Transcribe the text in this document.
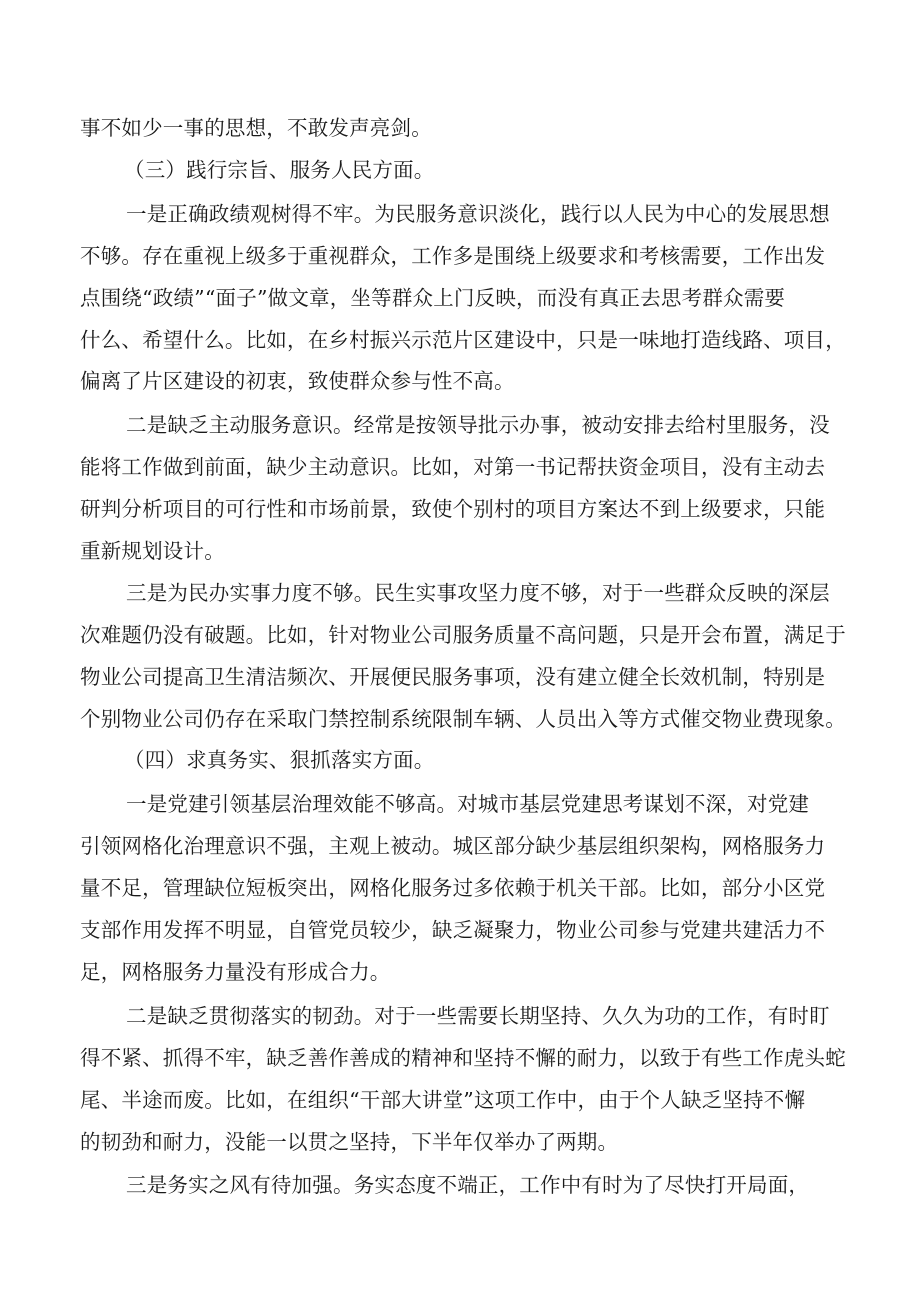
事不如少一事的思想，不敢发声亮剑。
（三）践行宗旨、服务人民方面。
一是正确政绩观树得不牢。为民服务意识淡化，践行以人民为中心的发展思想
不够。存在重视上级多于重视群众，工作多是围绕上级要求和考核需要，工作出发
点围绕“政绩”“面子”做文章，坐等群众上门反映，而没有真正去思考群众需要
什么、希望什么。比如，在乡村振兴示范片区建设中，只是一味地打造线路、项目，
偏离了片区建设的初衷，致使群众参与性不高。
二是缺乏主动服务意识。经常是按领导批示办事，被动安排去给村里服务，没
能将工作做到前面，缺少主动意识。比如，对第一书记帮扶资金项目，没有主动去
研判分析项目的可行性和市场前景，致使个别村的项目方案达不到上级要求，只能
重新规划设计。
三是为民办实事力度不够。民生实事攻坚力度不够，对于一些群众反映的深层
次难题仍没有破题。比如，针对物业公司服务质量不高问题，只是开会布置，满足于
物业公司提高卫生清洁频次、开展便民服务事项，没有建立健全长效机制，特别是
个别物业公司仍存在采取门禁控制系统限制车辆、人员出入等方式催交物业费现象。
（四）求真务实、狠抓落实方面。
一是党建引领基层治理效能不够高。对城市基层党建思考谋划不深，对党建
引领网格化治理意识不强，主观上被动。城区部分缺少基层组织架构，网格服务力
量不足，管理缺位短板突出，网格化服务过多依赖于机关干部。比如，部分小区党
支部作用发挥不明显，自管党员较少，缺乏凝聚力，物业公司参与党建共建活力不
足，网格服务力量没有形成合力。
二是缺乏贯彻落实的韧劲。对于一些需要长期坚持、久久为功的工作，有时盯
得不紧、抓得不牢，缺乏善作善成的精神和坚持不懈的耐力，以致于有些工作虎头蛇
尾、半途而废。比如，在组织“干部大讲堂”这项工作中，由于个人缺乏坚持不懈
的韧劲和耐力，没能一以贯之坚持，下半年仅举办了两期。
三是务实之风有待加强。务实态度不端正，工作中有时为了尽快打开局面，
